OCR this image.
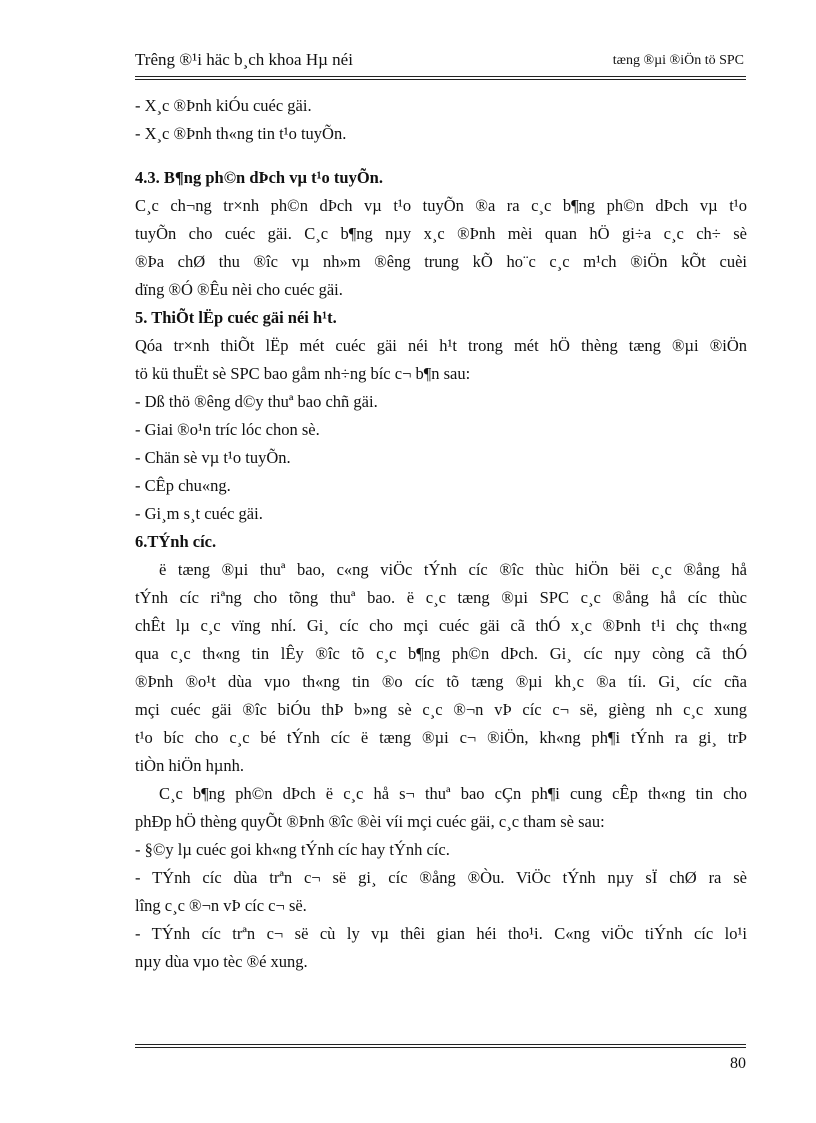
Trêng ®¹i häc b¸ch khoa Hµ néi	tæng ®µi ®iÖn tö SPC

- X¸c ®Þnh kiÓu cuéc gäi.

- X¸c ®Þnh th«ng tin t¹o tuyÕn.

4.3. B¶ng ph©n dÞch vµ t¹o tuyÕn.

C¸c ch¬ng tr×nh ph©n dÞch vµ t¹o tuyÕn ®a ra c¸c b¶ng ph©n dÞch vµ t¹o

tuyÕn cho cuéc gäi. C¸c b¶ng nµy x¸c ®Þnh mèi quan hÖ gi÷a c¸c ch÷ sè

®Þa chØ thu ®îc vµ nh»m ®êng trung kÕ ho¨c c¸c m¹ch ®iÖn kÕt cuèi

dïng ®Ó ®Êu nèi cho cuéc gäi.

5. ThiÕt lËp cuéc gäi néi h¹t.

Qóa tr×nh thiÕt lËp mét cuéc gäi néi h¹t trong mét hÖ thèng tæng ®µi ®iÖn

tö kü thuËt sè SPC bao gåm nh÷ng bíc c¬ b¶n sau:

- Dß thö ®êng d©y thuª bao chñ gäi.

- Giai ®o¹n tríc lóc chon sè.

- Chän sè vµ t¹o tuyÕn.

- CÊp chu«ng.

- Gi¸m s¸t cuéc gäi.

6.TÝnh cíc.

ë tæng ®µi thuª bao, c«ng viÖc tÝnh cíc ®îc thùc hiÖn bëi c¸c ®ång hå

tÝnh cíc riªng cho tõng thuª bao. ë c¸c tæng ®µi SPC c¸c ®ång hå cíc thùc

chÊt lµ c¸c vïng nhí. Gi¸ cíc cho mçi cuéc gäi cã thÓ x¸c ®Þnh t¹i chç th«ng

qua c¸c th«ng tin lÊy ®îc tõ c¸c b¶ng ph©n dÞch. Gi¸ cíc nµy còng cã thÓ

®Þnh ®o¹t dùa vµo th«ng tin ®o cíc tõ tæng ®µi kh¸c ®a tíi. Gi¸ cíc cña

mçi cuéc gäi ®îc biÓu thÞ b»ng sè c¸c ®¬n vÞ cíc c¬ së, gièng nh c¸c xung

t¹o bíc cho c¸c bé tÝnh cíc ë tæng ®µi c¬ ®iÖn, kh«ng ph¶i tÝnh ra gi¸ trÞ

tiÒn hiÖn hµnh.

C¸c b¶ng ph©n dÞch ë c¸c hå s¬ thuª bao cÇn ph¶i cung cÊp th«ng tin cho

phÐp hÖ thèng quyÕt ®Þnh ®îc ®èi víi mçi cuéc gäi, c¸c tham sè sau:

- §©y lµ cuéc goi kh«ng tÝnh cíc hay tÝnh cíc.

- TÝnh cíc dùa trªn c¬ së gi¸ cíc ®ång ®Òu. ViÖc tÝnh nµy sÏ chØ ra sè

lîng c¸c ®¬n vÞ cíc c¬ së.

- TÝnh cíc trªn c¬ së cù ly vµ thêi gian héi tho¹i. C«ng viÖc tiÝnh cíc lo¹i

nµy dùa vµo tèc ®é xung.

80
